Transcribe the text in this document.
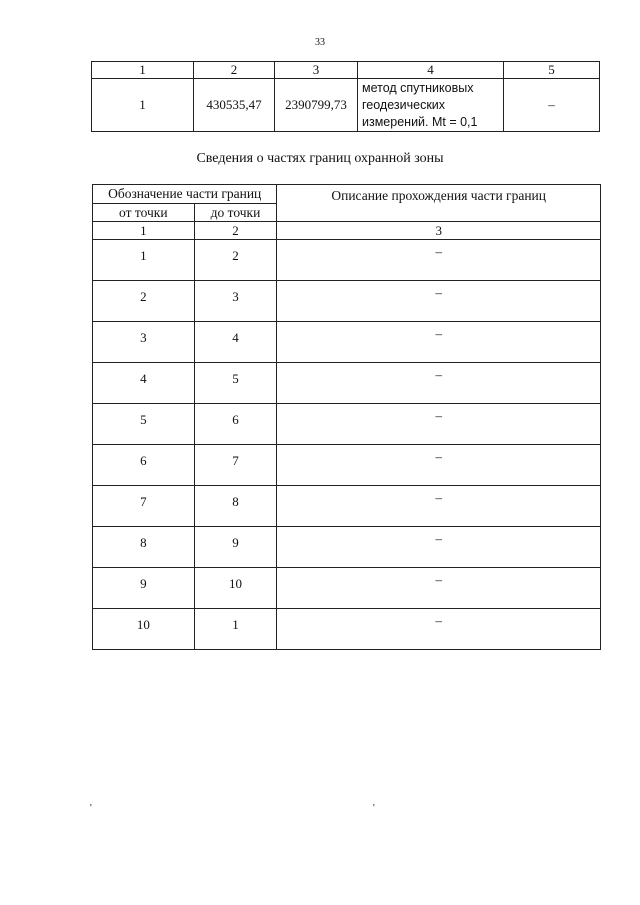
33
1	2	3	4	5
1	430535,47	2390799,73	метод спутниковых
геодезических
измерений. Mt = 0,1	–
Сведения о частях границ охранной зоны
Обозначение части границ		Описание прохождения части границ
от точки	до точки	
1	2	3
1	2	–
2	3	–
3	4	–
4	5	–
5	6	–
6	7	–
7	8	–
8	9	–
9	10	–
10	1	–
'	'
